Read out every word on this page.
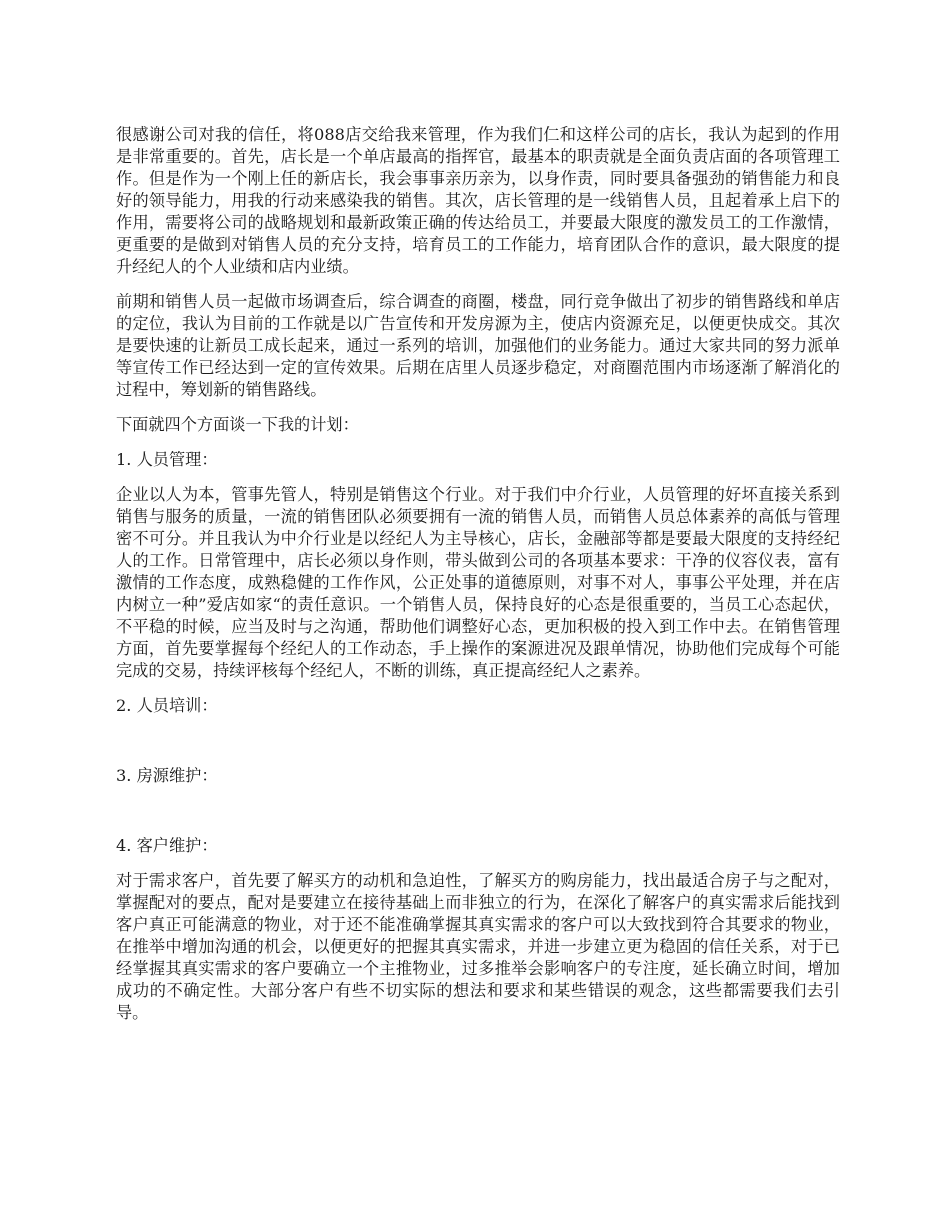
很感谢公司对我的信任，将088店交给我来管理，作为我们仁和这样公司的店长，我认为起到的作用是非常重要的。首先，店长是一个单店最高的指挥官，最基本的职责就是全面负责店面的各项管理工作。但是作为一个刚上任的新店长，我会事事亲历亲为，以身作责，同时要具备强劲的销售能力和良好的领导能力，用我的行动来感染我的销售。其次，店长管理的是一线销售人员，且起着承上启下的作用，需要将公司的战略规划和最新政策正确的传达给员工，并要最大限度的激发员工的工作激情，更重要的是做到对销售人员的充分支持，培育员工的工作能力，培育团队合作的意识，最大限度的提升经纪人的个人业绩和店内业绩。

前期和销售人员一起做市场调查后，综合调查的商圈，楼盘，同行竞争做出了初步的销售路线和单店的定位，我认为目前的工作就是以广告宣传和开发房源为主，使店内资源充足，以便更快成交。其次是要快速的让新员工成长起来，通过一系列的培训，加强他们的业务能力。通过大家共同的努力派单等宣传工作已经达到一定的宣传效果。后期在店里人员逐步稳定，对商圈范围内市场逐渐了解消化的过程中，筹划新的销售路线。

下面就四个方面谈一下我的计划：

1. 人员管理：

企业以人为本，管事先管人，特别是销售这个行业。对于我们中介行业，人员管理的好坏直接关系到销售与服务的质量，一流的销售团队必须要拥有一流的销售人员，而销售人员总体素养的高低与管理密不可分。并且我认为中介行业是以经纪人为主导核心，店长，金融部等都是要最大限度的支持经纪人的工作。日常管理中，店长必须以身作则，带头做到公司的各项基本要求：干净的仪容仪表，富有激情的工作态度，成熟稳健的工作作风，公正处事的道德原则，对事不对人，事事公平处理，并在店内树立一种”爱店如家“的责任意识。一个销售人员，保持良好的心态是很重要的，当员工心态起伏，不平稳的时候，应当及时与之沟通，帮助他们调整好心态，更加积极的投入到工作中去。在销售管理方面，首先要掌握每个经纪人的工作动态，手上操作的案源进况及跟单情况，协助他们完成每个可能完成的交易，持续评核每个经纪人，不断的训练，真正提高经纪人之素养。

2. 人员培训：

3. 房源维护：

4. 客户维护：

对于需求客户，首先要了解买方的动机和急迫性，了解买方的购房能力，找出最适合房子与之配对，掌握配对的要点，配对是要建立在接待基础上而非独立的行为，在深化了解客户的真实需求后能找到客户真正可能满意的物业，对于还不能准确掌握其真实需求的客户可以大致找到符合其要求的物业，在推举中增加沟通的机会，以便更好的把握其真实需求，并进一步建立更为稳固的信任关系，对于已经掌握其真实需求的客户要确立一个主推物业，过多推举会影响客户的专注度，延长确立时间，增加成功的不确定性。大部分客户有些不切实际的想法和要求和某些错误的观念，这些都需要我们去引导。
